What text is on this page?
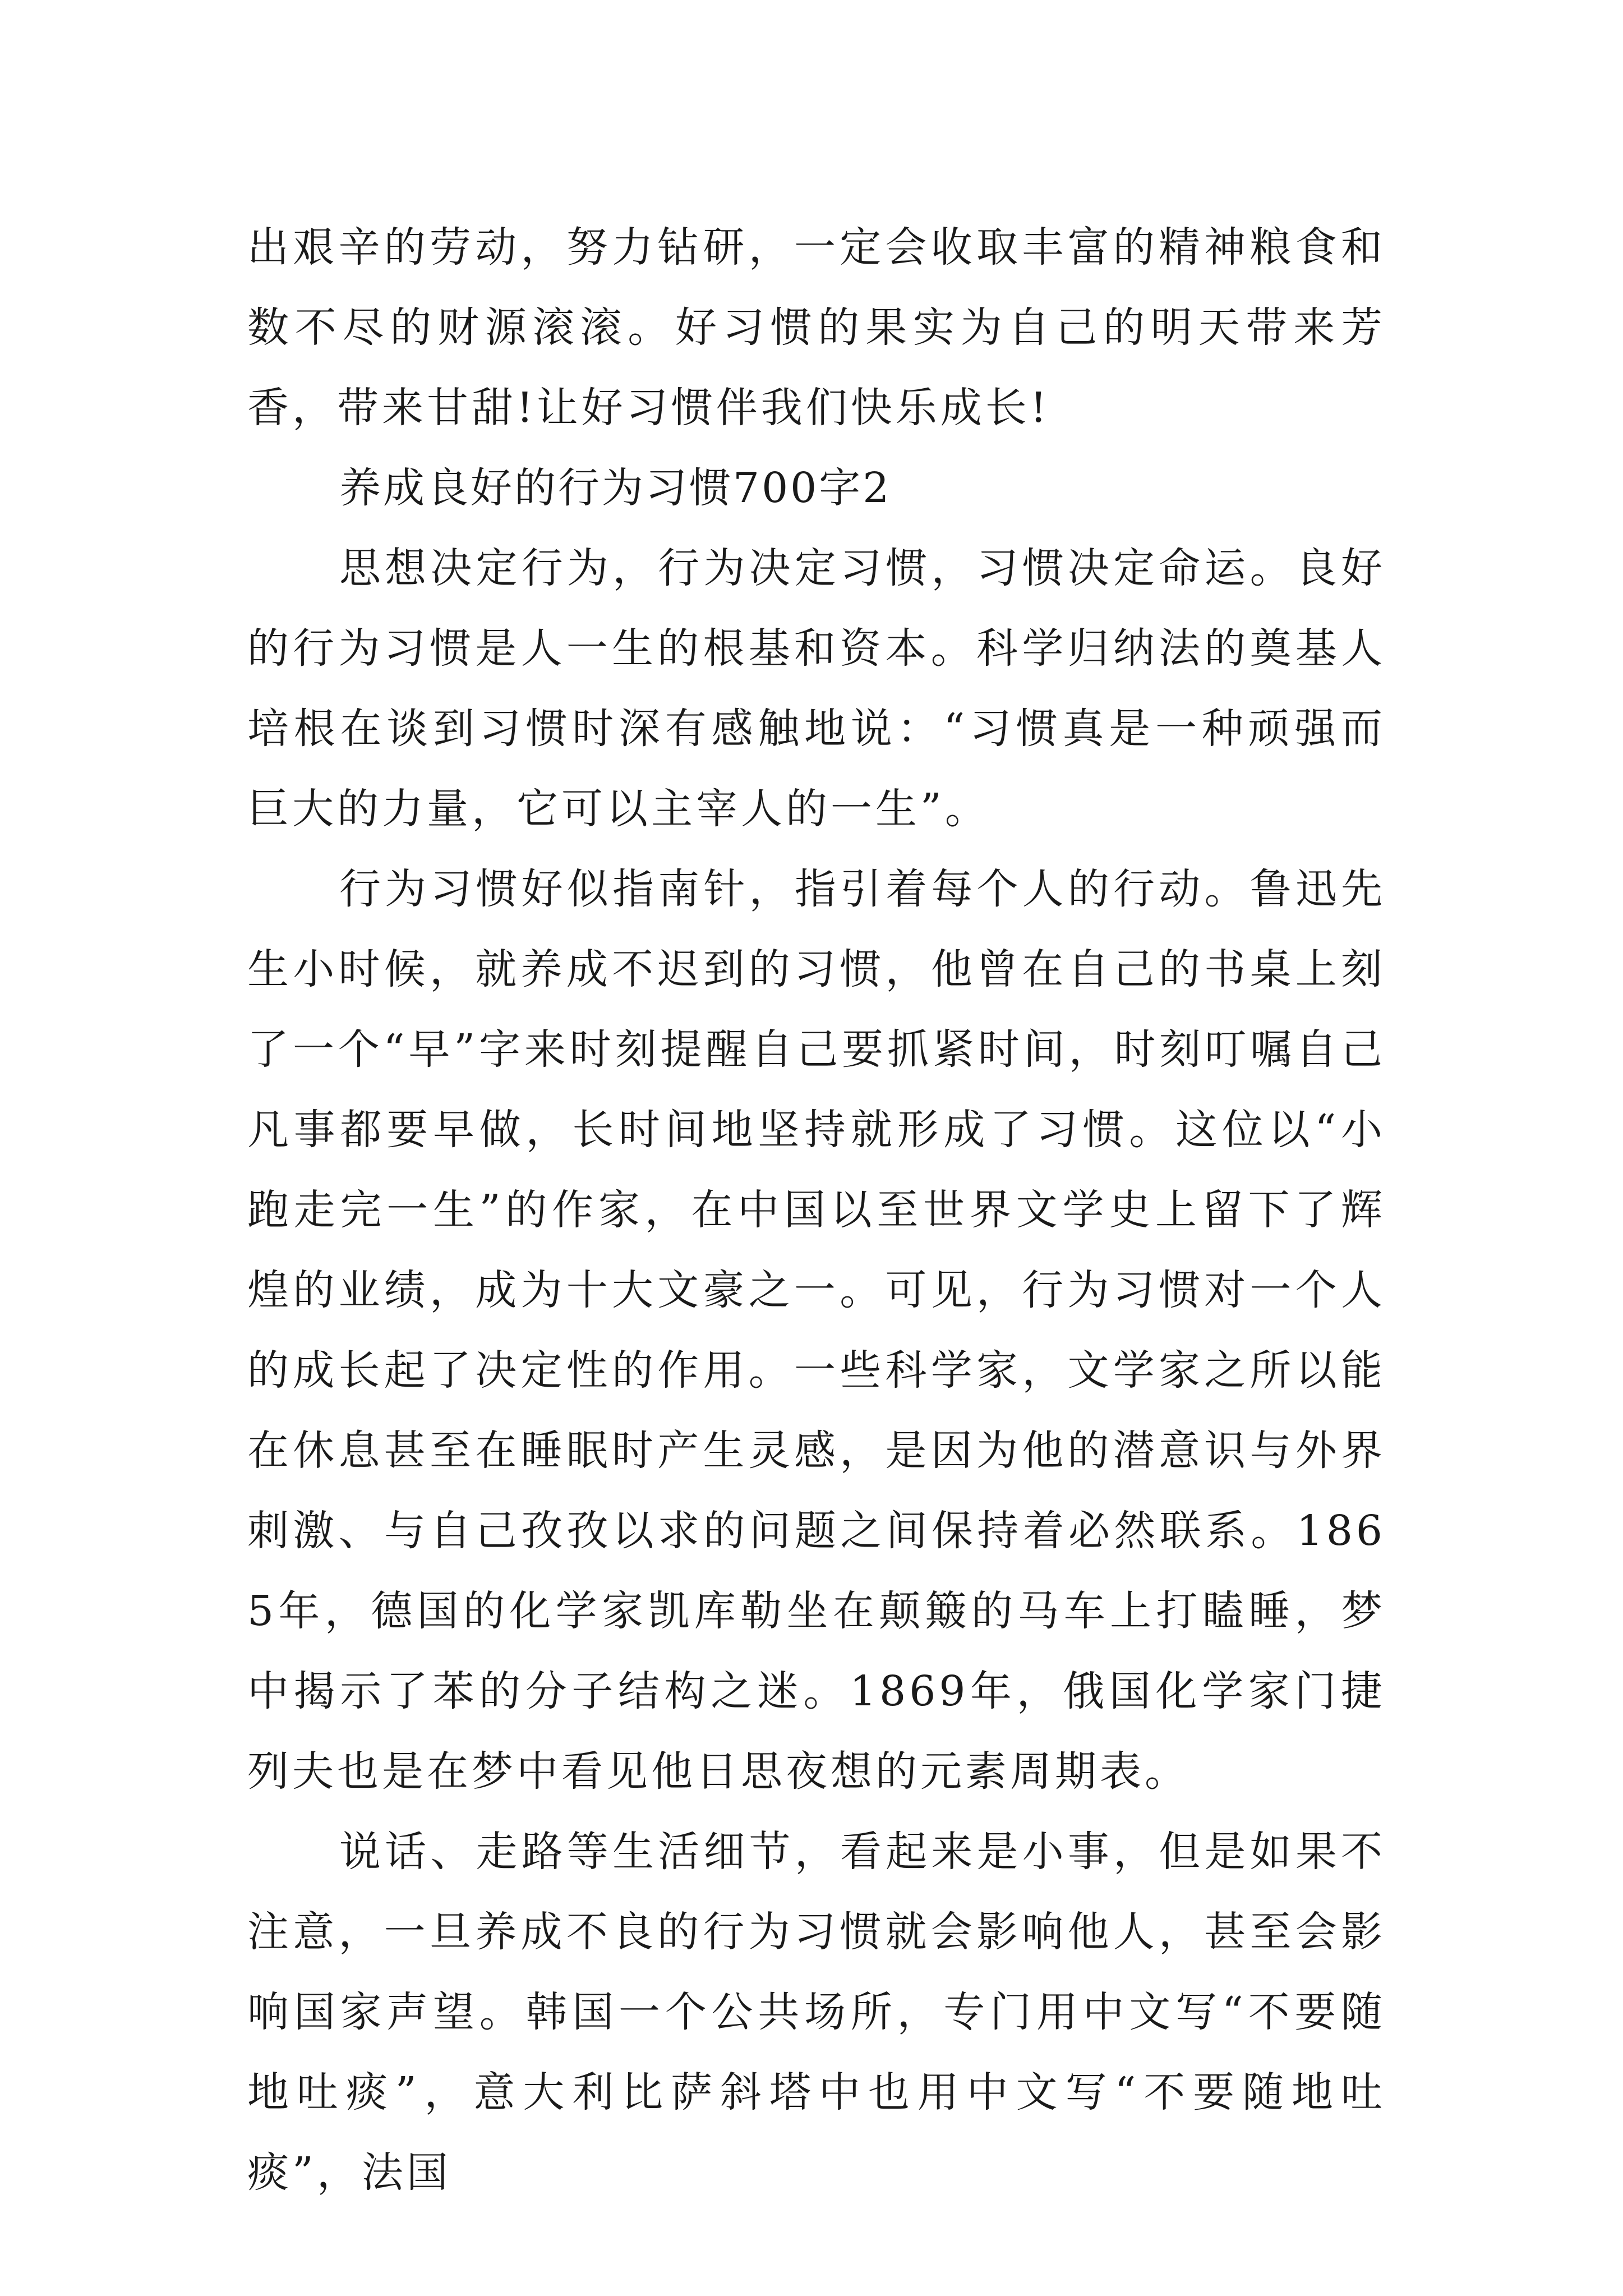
出艰辛的劳动，努力钻研，一定会收取丰富的精神粮食和数不尽的财源滚滚。好习惯的果实为自己的明天带来芳香，带来甘甜!让好习惯伴我们快乐成长!

养成良好的行为习惯700字2

思想决定行为，行为决定习惯，习惯决定命运。良好的行为习惯是人一生的根基和资本。科学归纳法的奠基人培根在谈到习惯时深有感触地说：“习惯真是一种顽强而巨大的力量，它可以主宰人的一生”。

行为习惯好似指南针，指引着每个人的行动。鲁迅先生小时候，就养成不迟到的习惯，他曾在自己的书桌上刻了一个“早”字来时刻提醒自己要抓紧时间，时刻叮嘱自己凡事都要早做，长时间地坚持就形成了习惯。这位以“小跑走完一生”的作家，在中国以至世界文学史上留下了辉煌的业绩，成为十大文豪之一。可见，行为习惯对一个人的成长起了决定性的作用。一些科学家，文学家之所以能在休息甚至在睡眠时产生灵感，是因为他的潜意识与外界刺激、与自己孜孜以求的问题之间保持着必然联系。1865年，德国的化学家凯库勒坐在颠簸的马车上打瞌睡，梦中揭示了苯的分子结构之迷。1869年，俄国化学家门捷列夫也是在梦中看见他日思夜想的元素周期表。

说话、走路等生活细节，看起来是小事，但是如果不注意，一旦养成不良的行为习惯就会影响他人，甚至会影响国家声望。韩国一个公共场所，专门用中文写“不要随地吐痰”，意大利比萨斜塔中也用中文写“不要随地吐痰”，法国
